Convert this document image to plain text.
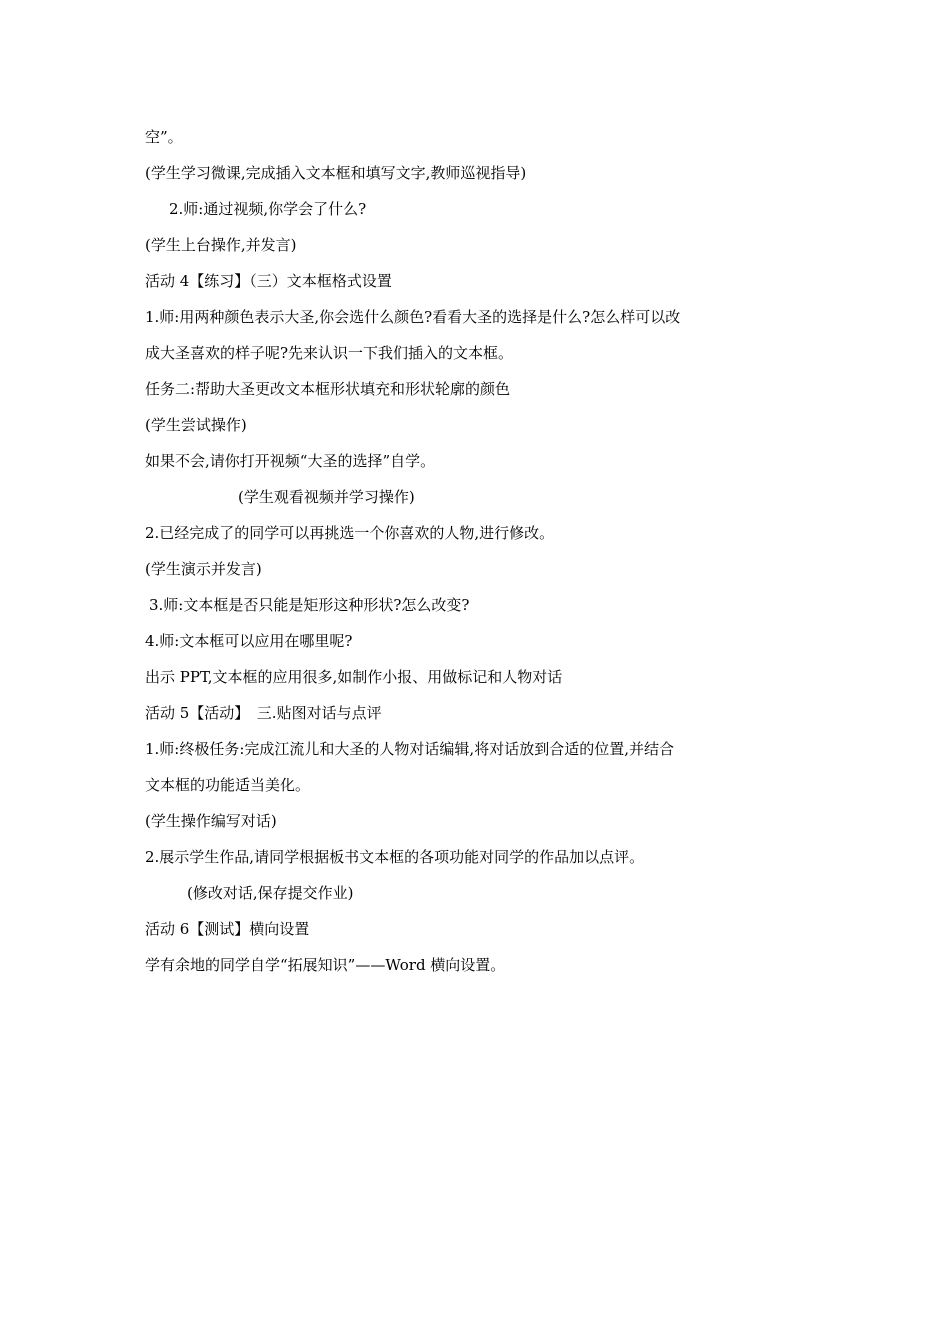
空”。
(学生学习微课,完成插入文本框和填写文字,教师巡视指导)
2.师:通过视频,你学会了什么?
(学生上台操作,并发言)
活动 4【练习】（三）文本框格式设置
1.师:用两种颜色表示大圣,你会选什么颜色?看看大圣的选择是什么?怎么样可以改
成大圣喜欢的样子呢?先来认识一下我们插入的文本框。
任务二:帮助大圣更改文本框形状填充和形状轮廓的颜色
(学生尝试操作)
如果不会,请你打开视频“大圣的选择”自学。
(学生观看视频并学习操作)
2.已经完成了的同学可以再挑选一个你喜欢的人物,进行修改。
(学生演示并发言)
3.师:文本框是否只能是矩形这种形状?怎么改变?
4.师:文本框可以应用在哪里呢?
出示 PPT,文本框的应用很多,如制作小报、用做标记和人物对话
活动 5【活动】　三.贴图对话与点评
1.师:终极任务:完成江流儿和大圣的人物对话编辑,将对话放到合适的位置,并结合
文本框的功能适当美化。
(学生操作编写对话)
2.展示学生作品,请同学根据板书文本框的各项功能对同学的作品加以点评。
(修改对话,保存提交作业)
活动 6【测试】横向设置
学有余地的同学自学“拓展知识”——Word 横向设置。
